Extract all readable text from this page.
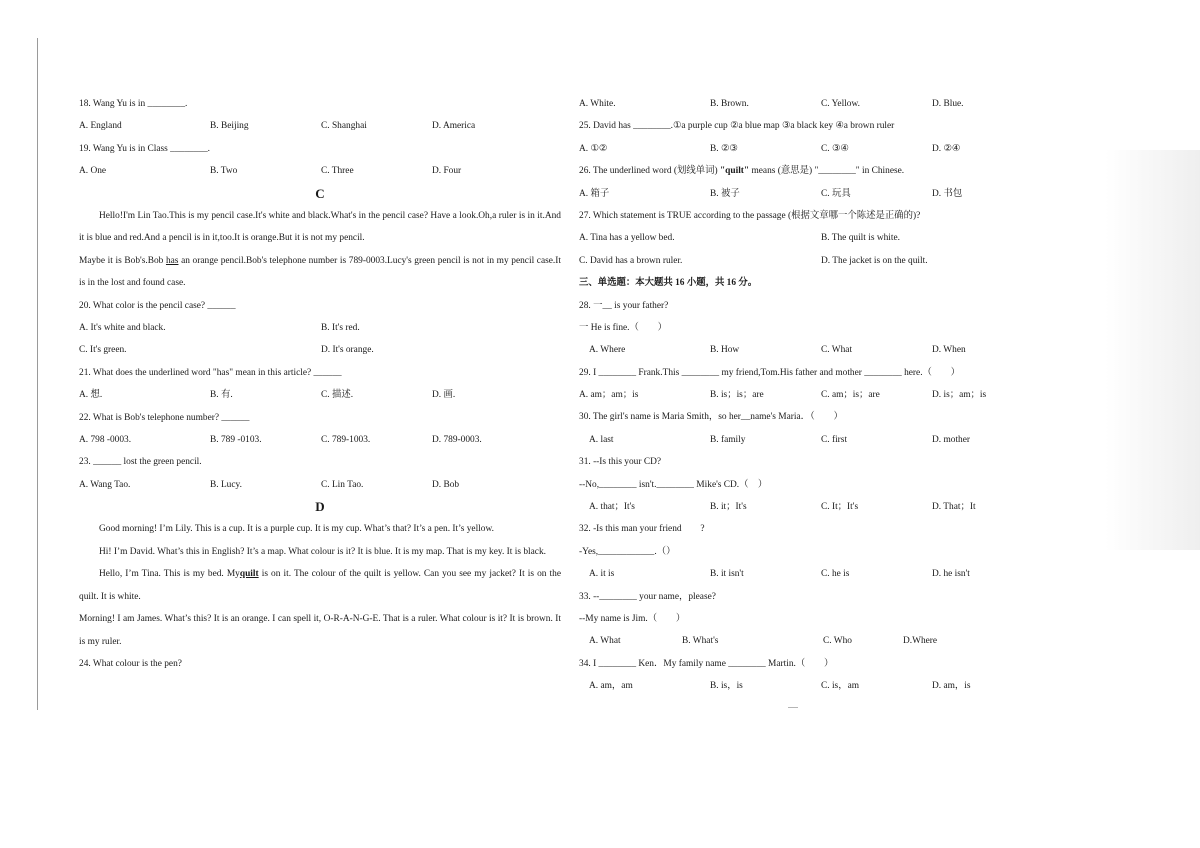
18. Wang Yu is in ________.
A. England	B. Beijing	C. Shanghai	D. America
19. Wang Yu is in Class ________.
A. One	B. Two	C. Three	D. Four
C
Hello!I'm Lin Tao.This is my pencil case.It's white and black.What's in the pencil case? Have a look.Oh,a ruler is in it.And it is blue and red.And a pencil is in it,too.It is orange.But it is not my pencil.
Maybe it is Bob's.Bob has an orange pencil.Bob's telephone number is 789-0003.Lucy's green pencil is not in my pencil case.It is in the lost and found case.
20. What color is the pencil case? ______
A. It's white and black.	B. It's red.
C. It's green.	D. It's orange.
21. What does the underlined word "has" mean in this article? ______
A. 想.	B. 有.	C. 描述.	D. 画.
22. What is Bob's telephone number? ______
A. 798 -0003.	B. 789 -0103.	C. 789-1003.	D. 789-0003.
23. ______ lost the green pencil.
A. Wang Tao.	B. Lucy.	C. Lin Tao.	D. Bob
D
Good morning! I’m Lily. This is a cup. It is a purple cup. It is my cup. What’s that? It’s a pen. It’s yellow.
Hi! I’m David. What’s this in English? It’s a map. What colour is it? It is blue. It is my map. That is my key. It is black.
Hello, I’m Tina. This is my bed. Myquilt is on it. The colour of the quilt is yellow. Can you see my jacket? It is on the quilt. It is white.
Morning! I am James. What’s this? It is an orange. I can spell it, O-R-A-N-G-E. That is a ruler. What colour is it? It is brown. It is my ruler.
24. What colour is the pen?
A. White.	B. Brown.	C. Yellow.	D. Blue.
25. David has ________.①a purple cup ②a blue map ③a black key ④a brown ruler
A. ①②	B. ②③	C. ③④	D. ②④
26. The underlined word (划线单词) "quilt" means (意思是) "________" in Chinese.
A. 箱子	B. 被子	C. 玩具	D. 书包
27. Which statement is TRUE according to the passage (根据文章哪一个陈述是正确的)?
A. Tina has a yellow bed.	B. The quilt is white.
C. David has a brown ruler.	D. The jacket is on the quilt.
三、单选题：本大题共 16 小题，共 16 分。
28. 一__ is your father?
一 He is fine.（　　）
A. Where	B. How	C. What	D. When
29. I ________ Frank.This ________ my friend,Tom.His father and mother ________ here.（　　）
A. am；am；is	B. is；is；are	C. am；is；are	D. is；am；is
30. The girl's name is Maria Smith，so her__name's Maria．（　　）
A. last	B. family	C. first	D. mother
31. --Is this your CD?
--No,________ isn't.________ Mike's CD.（　）
A. that；It's	B. it；It's	C. It；It's	D. That；It
32. -Is this man your friend　　?
-Yes,____________.（）
A. it is	B. it isn't	C. he is	D. he isn't
33. --________ your name，please?
--My name is Jim.（　　）
A. What	B. What's	C. Who	D.Where
34. I ________ Ken．My family name ________ Martin.（　　）
A. am，am	B. is，is	C. is，am	D. am，is
